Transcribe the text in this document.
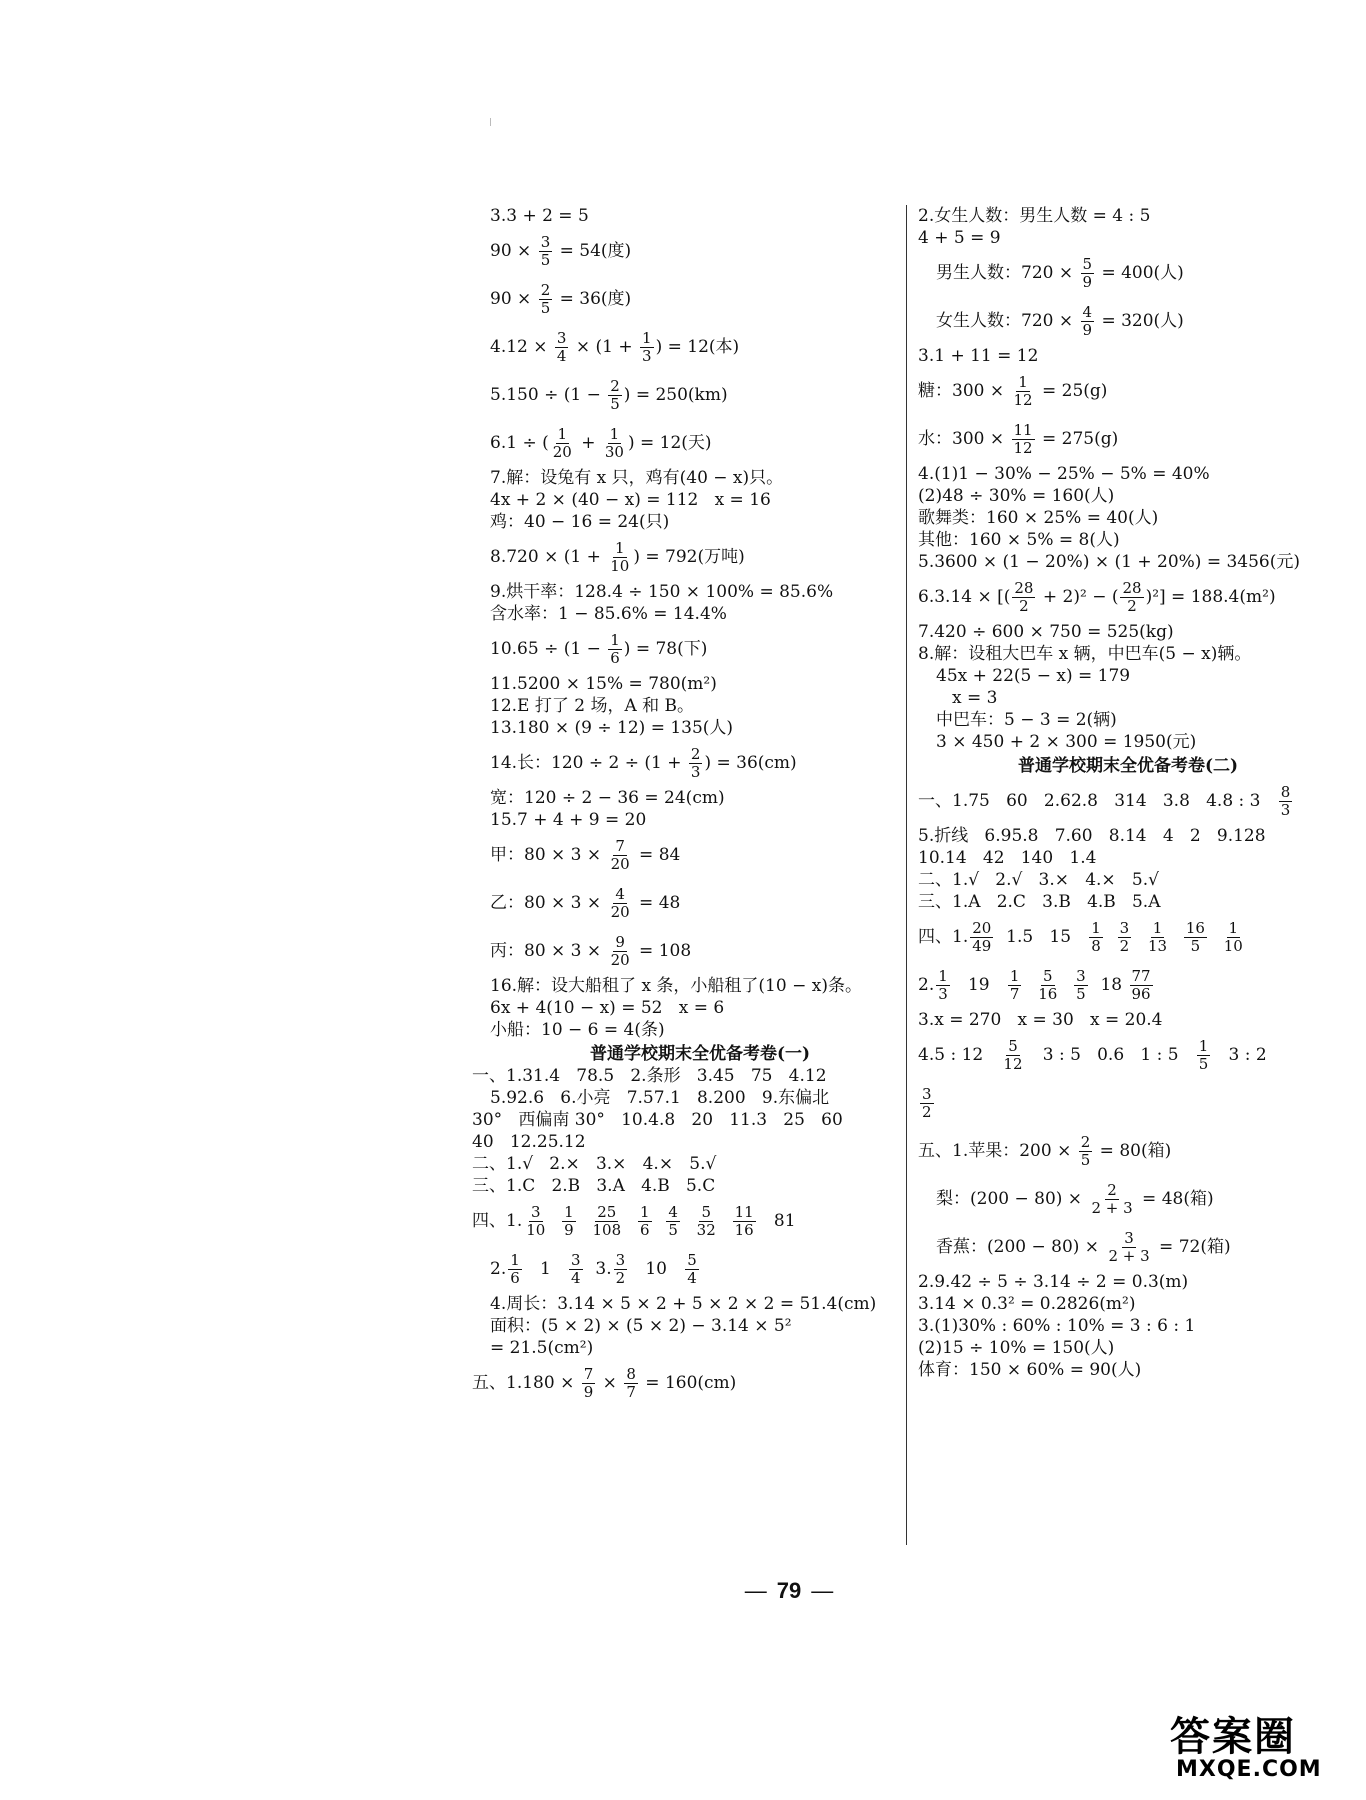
3.3 + 2 = 5
$90 \times \frac{3}{5} = 54$(度)
$90 \times \frac{2}{5} = 36$(度)
$4.12 \times \frac{3}{4} \times (1 + \frac{1}{3}$ ) = 12(本)
$5.150 \div (1 - \frac{2}{5}$ ) = 250(km)
6.1 ÷ ( $\frac{1}{20} + \frac{1}{30}$ ) = 12(天)
7.解：设兔有 x 只，鸡有(40 − x)只。
4x + 2 × (40 − x) = 112   x = 16
鸡：40 − 16 = 24(只)
$8.720 \times (1 + \frac{1}{10}$ ) = 792(万吨)
9.烘干率：128.4 ÷ 150 × 100% = 85.6%
含水率：1 − 85.6% = 14.4%
$10.65 \div (1 - \frac{1}{6}$ ) = 78(下)
11.5200 × 15% = 780(m²)
12.E 打了 2 场，A 和 B。
13.180 × (9 ÷ 12) = 135(人)
14.长：$120 \div 2 \div (1 + \frac{2}{3}$ ) = 36(cm)
宽：120 ÷ 2 − 36 = 24(cm)
15.7 + 4 + 9 = 20
甲：$80 \times 3 \times \frac{7}{20} = 84$
乙：$80 \times 3 \times \frac{4}{20} = 48$
丙：$80 \times 3 \times \frac{9}{20} = 108$
16.解：设大船租了 x 条，小船租了(10 − x)条。
6x + 4(10 − x) = 52   x = 6
小船：10 − 6 = 4(条)
普通学校期末全优备考卷(一)
一、1.31.4   78.5   2.条形   3.45   75   4.12
5.92.6   6.小亮   7.57.1   8.200   9.东偏北
30°   西偏南 30°   10.4.8   20   11.3   25   60
40   12.25.12
二、1.√   2.×   3.×   4.×   5.√
三、1.C   2.B   3.A   4.B   5.C
四、1. $\frac{3}{10}$
$\frac{1}{9}$
$\frac{25}{108}$
$\frac{1}{6}$
$\frac{4}{5}$
$\frac{5}{32}$
$\frac{11}{16} 81$
2. $\frac{1}{6} 1 \frac{3}{4} 3$. $\frac{3}{2} 10 \frac{5}{4}$
4.周长：3.14 × 5 × 2 + 5 × 2 × 2 = 51.4(cm)
面积：(5 × 2) × (5 × 2) − 3.14 × 5²
= 21.5(cm²)
五、$1.180 \times \frac{7}{9} \times \frac{8}{7} = 160(cm)$
2.女生人数：男生人数 = 4 : 5
4 + 5 = 9
男生人数：$720 \times \frac{5}{9} = 400$(人)
女生人数：$720 \times \frac{4}{9} = 320$(人)
3.1 + 11 = 12
糖：$300 \times \frac{1}{12} = 25(g)$
水：$300 \times \frac{11}{12} = 275(g)$
4.(1)1 − 30% − 25% − 5% = 40%
(2)48 ÷ 30% = 160(人)
歌舞类：160 × 25% = 40(人)
其他：160 × 5% = 8(人)
5.3600 × (1 − 20%) × (1 + 20%) = 3456(元)
6.3.14 × [( $\frac{28}{2} + 2)^2$ − ( $\frac{28}{2} )^2] = 188.4(m^2)$
7.420 ÷ 600 × 750 = 525(kg)
8.解：设租大巴车 x 辆，中巴车(5 − x)辆。
45x + 22(5 − x) = 179
x = 3
中巴车：5 − 3 = 2(辆)
3 × 450 + 2 × 300 = 1950(元)
普通学校期末全优备考卷(二)
一、1.75   60   2.62.8   314   3.8   4.8 : $3 \frac{8}{3}$
5.折线   6.95.8   7.60   8.14   4   2   9.128
10.14   42   140   1.4
二、1.√   2.√   3.×   4.×   5.√
三、1.A   2.C   3.B   4.B   5.A
四、1. $\frac{20}{49} 1.5$   $15 \frac{1}{8}$
$\frac{3}{2}$
$\frac{1}{13}$
$\frac{16}{5}$
$\frac{1}{10}$
2. $\frac{1}{3} 19 \frac{1}{7}$
$\frac{5}{16}$
$\frac{3}{5} 18 \frac{77}{96}$
3.x = 270   x = 30   x = 20.4
4.5 : $12 \frac{5}{12} 3$ : 5   0.6   1 : $5 \frac{1}{5} 3$ : 2
$\frac{3}{2}$
五、1.苹果：$200 \times \frac{2}{5} = 80$(箱)
梨：$(200 - 80) \times \frac{2}{2 + 3} = 48$(箱)
香蕉：$(200 - 80) \times \frac{3}{2 + 3} = 72$(箱)
2.9.42 ÷ 5 ÷ 3.14 ÷ 2 = 0.3(m)
3.14 × 0.3² = 0.2826(m²)
3.(1)30% : 60% : 10% = 3 : 6 : 1
(2)15 ÷ 10% = 150(人)
体育：150 × 60% = 90(人)
— 79 —
答案圈
MXQE.COM
